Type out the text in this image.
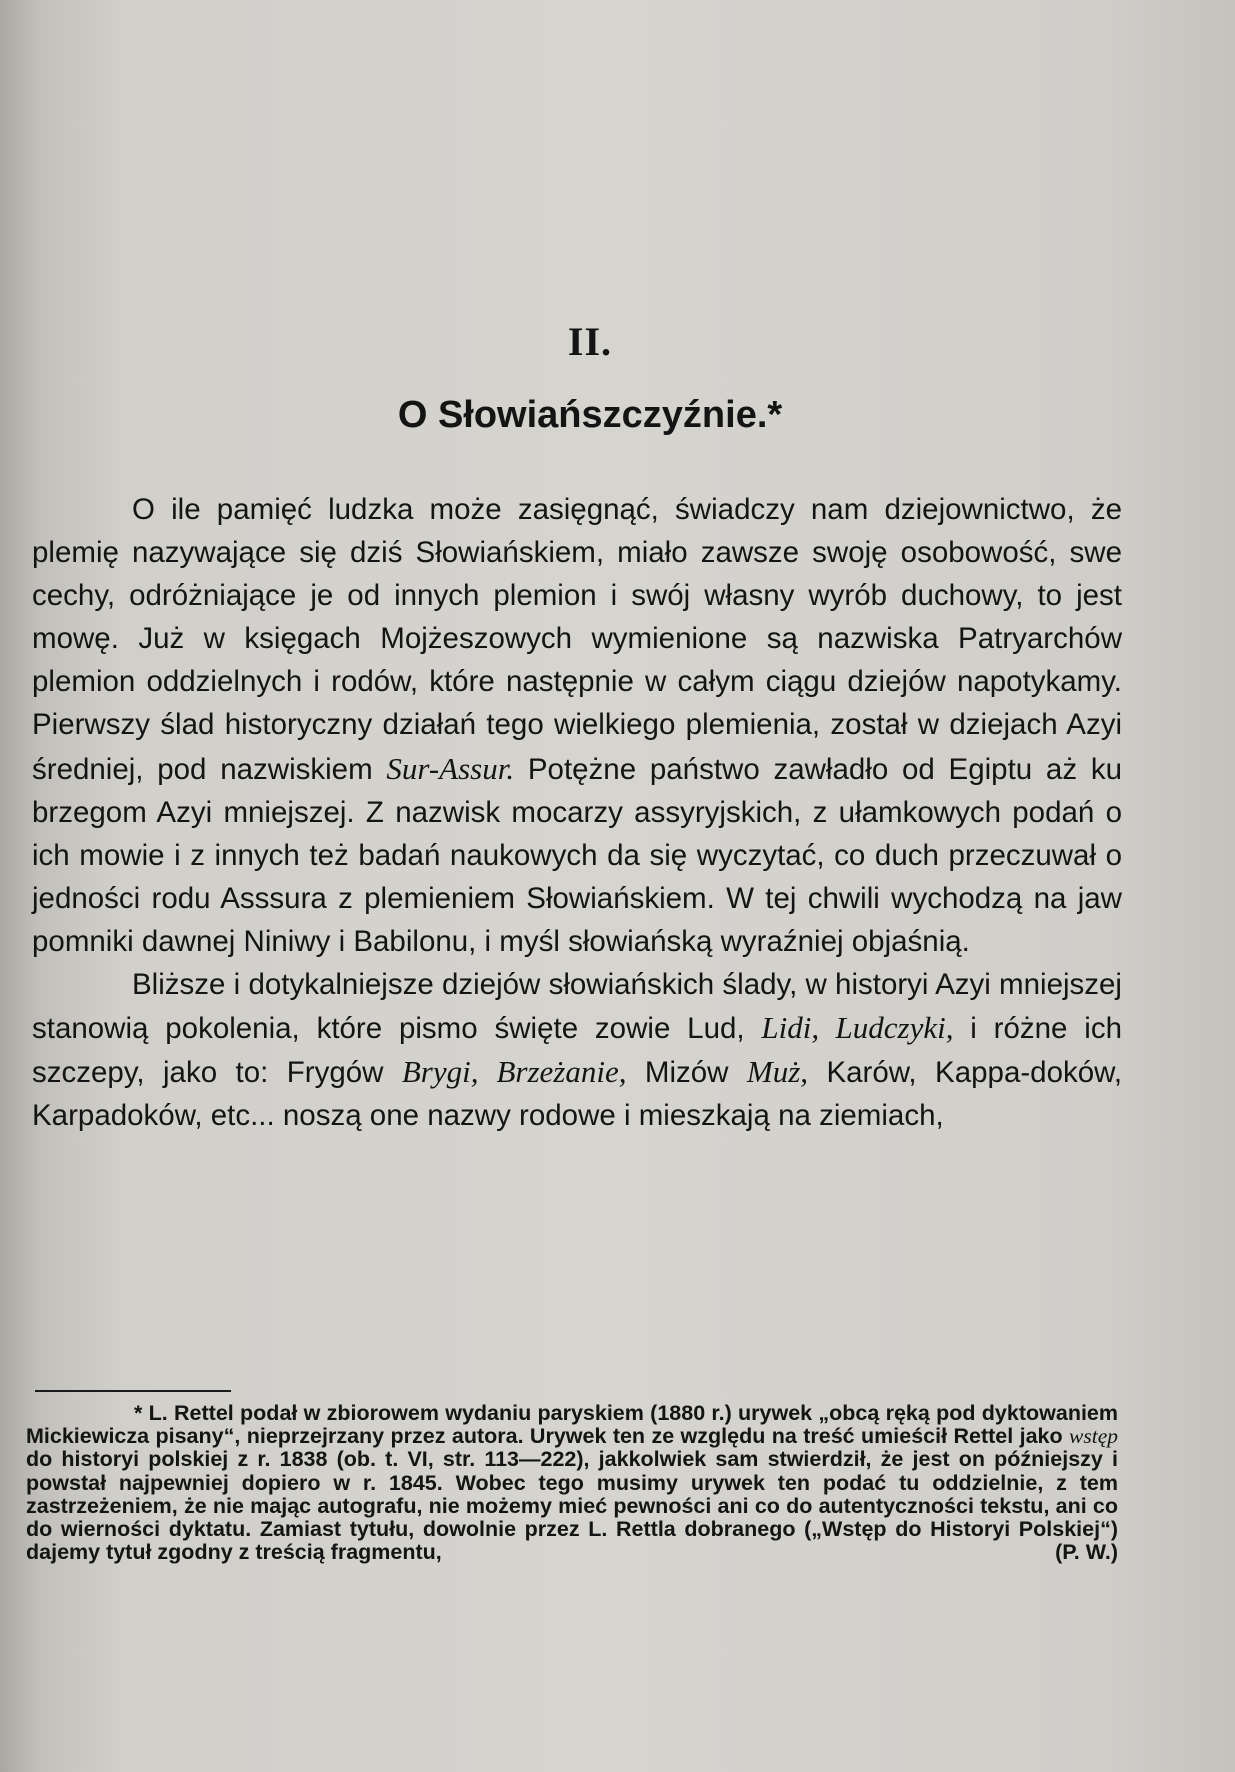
II.
O Słowiańszczyźnie.*

O ile pamięć ludzka może zasięgnąć, świadczy nam dziejownictwo, że plemię nazywające się dziś Słowiańskiem, miało zawsze swoję osobowość, swe cechy, odróżniające je od innych plemion i swój własny wyrób duchowy, to jest mowę. Już w księgach Mojżeszowych wymienione są nazwiska Patryarchów plemion oddzielnych i rodów, które następnie w całym ciągu dziejów napotykamy. Pierwszy ślad historyczny działań tego wielkiego plemienia, został w dziejach Azyi średniej, pod nazwiskiem Sur-Assur. Potężne państwo zawładło od Egiptu aż ku brzegom Azyi mniejszej. Z nazwisk mocarzy assyryjskich, z ułamkowych podań o ich mowie i z innych też badań naukowych da się wyczytać, co duch przeczuwał o jedności rodu Asssura z plemieniem Słowiańskiem. W tej chwili wychodzą na jaw pomniki dawnej Niniwy i Babilonu, i myśl słowiańską wyraźniej objaśnią.

Bliższe i dotykalniejsze dziejów słowiańskich ślady, w historyi Azyi mniejszej stanowią pokolenia, które pismo święte zowie Lud, Lidi, Ludczyki, i różne ich szczepy, jako to: Frygów Brygi, Brzeżanie, Mizów Muż, Karów, Kappa-doków, Karpadoków, etc... noszą one nazwy rodowe i mieszkają na ziemiach,

* L. Rettel podał w zbiorowem wydaniu paryskiem (1880 r.) urywek „obcą ręką pod dyktowaniem Mickiewicza pisany“, nieprzejrzany przez autora. Urywek ten ze względu na treść umieścił Rettel jako wstęp do historyi polskiej z r. 1838 (ob. t. VI, str. 113—222), jakkolwiek sam stwierdził, że jest on późniejszy i powstał najpewniej dopiero w r. 1845. Wobec tego musimy urywek ten podać tu oddzielnie, z tem zastrzeżeniem, że nie mając autografu, nie możemy mieć pewności ani co do autentyczności tekstu, ani co do wierności dyktatu. Zamiast tytułu, dowolnie przez L. Rettla dobranego („Wstęp do Historyi Polskiej“) dajemy tytuł zgodny z treścią fragmentu,	(P. W.)
